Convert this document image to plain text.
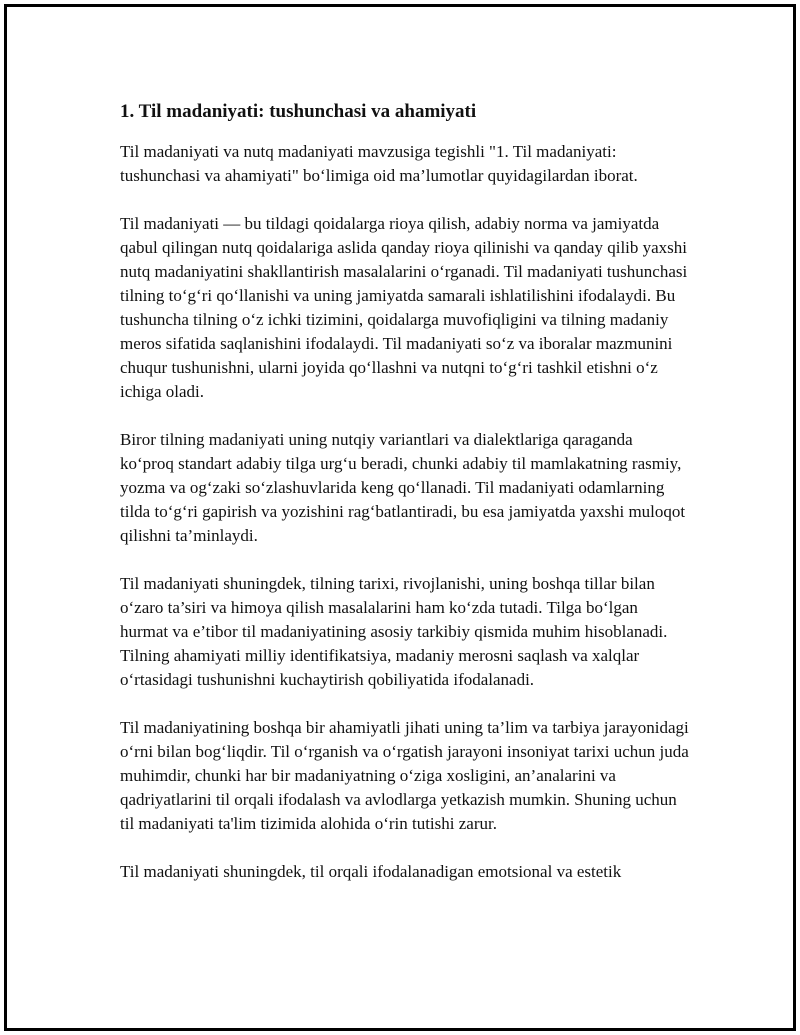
1. Til madaniyati: tushunchasi va ahamiyati

Til madaniyati va nutq madaniyati mavzusiga tegishli "1. Til madaniyati: tushunchasi va ahamiyati" bo‘limiga oid ma’lumotlar quyidagilardan iborat.

Til madaniyati — bu tildagi qoidalarga rioya qilish, adabiy norma va jamiyatda qabul qilingan nutq qoidalariga aslida qanday rioya qilinishi va qanday qilib yaxshi nutq madaniyatini shakllantirish masalalarini o‘rganadi. Til madaniyati tushunchasi tilning to‘g‘ri qo‘llanishi va uning jamiyatda samarali ishlatilishini ifodalaydi. Bu tushuncha tilning o‘z ichki tizimini, qoidalarga muvofiqligini va tilning madaniy meros sifatida saqlanishini ifodalaydi. Til madaniyati so‘z va iboralar mazmunini chuqur tushunishni, ularni joyida qo‘llashni va nutqni to‘g‘ri tashkil etishni o‘z ichiga oladi.

Biror tilning madaniyati uning nutqiy variantlari va dialektlariga qaraganda ko‘proq standart adabiy tilga urg‘u beradi, chunki adabiy til mamlakatning rasmiy, yozma va og‘zaki so‘zlashuvlarida keng qo‘llanadi. Til madaniyati odamlarning tilda to‘g‘ri gapirish va yozishini rag‘batlantiradi, bu esa jamiyatda yaxshi muloqot qilishni ta’minlaydi.

Til madaniyati shuningdek, tilning tarixi, rivojlanishi, uning boshqa tillar bilan o‘zaro ta’siri va himoya qilish masalalarini ham ko‘zda tutadi. Tilga bo‘lgan hurmat va e’tibor til madaniyatining asosiy tarkibiy qismida muhim hisoblanadi. Tilning ahamiyati milliy identifikatsiya, madaniy merosni saqlash va xalqlar o‘rtasidagi tushunishni kuchaytirish qobiliyatida ifodalanadi.

Til madaniyatining boshqa bir ahamiyatli jihati uning ta’lim va tarbiya jarayonidagi o‘rni bilan bog‘liqdir. Til o‘rganish va o‘rgatish jarayoni insoniyat tarixi uchun juda muhimdir, chunki har bir madaniyatning o‘ziga xosligini, an’analarini va qadriyatlarini til orqali ifodalash va avlodlarga yetkazish mumkin. Shuning uchun til madaniyati ta'lim tizimida alohida o‘rin tutishi zarur.

Til madaniyati shuningdek, til orqali ifodalanadigan emotsional va estetik
